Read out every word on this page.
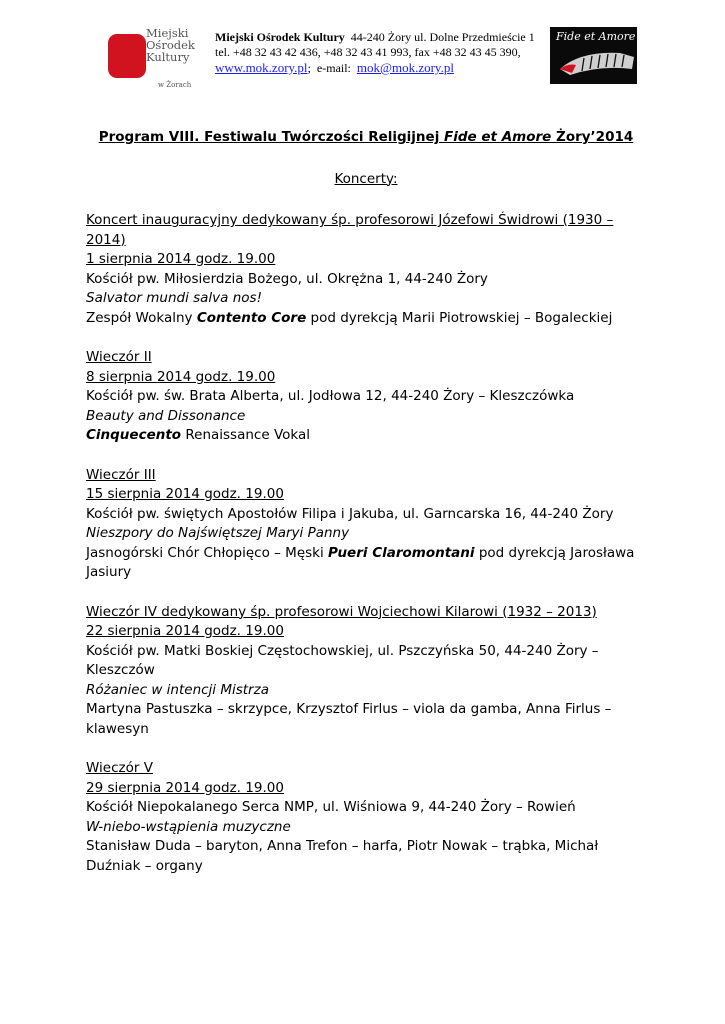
Miejski
Ośrodek
Kultury
w Żorach
Miejski Ośrodek Kultury 44-240 Żory ul. Dolne Przedmieście 1
tel. +48 32 43 42 436, +48 32 43 41 993, fax +48 32 43 45 390,
www.mok.zory.pl;  e-mail: mok@mok.zory.pl
Fide et Amore

Program VIII. Festiwalu Twórczości Religijnej Fide et Amore Żory’2014

Koncerty:

Koncert inauguracyjny dedykowany śp. profesorowi Józefowi Świdrowi (1930 – 2014)

1 sierpnia 2014 godz. 19.00

Kościół pw. Miłosierdzia Bożego, ul. Okrężna 1, 44-240 Żory

Salvator mundi salva nos!

Zespół Wokalny Contento Core pod dyrekcją Marii Piotrowskiej – Bogaleckiej

Wieczór II

8 sierpnia 2014 godz. 19.00

Kościół pw. św. Brata Alberta, ul. Jodłowa 12, 44-240 Żory – Kleszczówka

Beauty and Dissonance

Cinquecento Renaissance Vokal

Wieczór III

15 sierpnia 2014 godz. 19.00

Kościół pw. świętych Apostołów Filipa i Jakuba, ul. Garncarska 16, 44-240 Żory

Nieszpory do Najświętszej Maryi Panny

Jasnogórski Chór Chłopięco – Męski Pueri Claromontani pod dyrekcją Jarosława Jasiury

Wieczór IV dedykowany śp. profesorowi Wojciechowi Kilarowi (1932 – 2013)

22 sierpnia 2014 godz. 19.00

Kościół pw. Matki Boskiej Częstochowskiej, ul. Pszczyńska 50, 44-240 Żory – Kleszczów

Różaniec w intencji Mistrza

Martyna Pastuszka – skrzypce, Krzysztof Firlus – viola da gamba, Anna Firlus – klawesyn

Wieczór V

29 sierpnia 2014 godz. 19.00

Kościół Niepokalanego Serca NMP, ul. Wiśniowa 9, 44-240 Żory – Rowień

W-niebo-wstąpienia muzyczne

Stanisław Duda – baryton, Anna Trefon – harfa, Piotr Nowak – trąbka, Michał Duźniak – organy
